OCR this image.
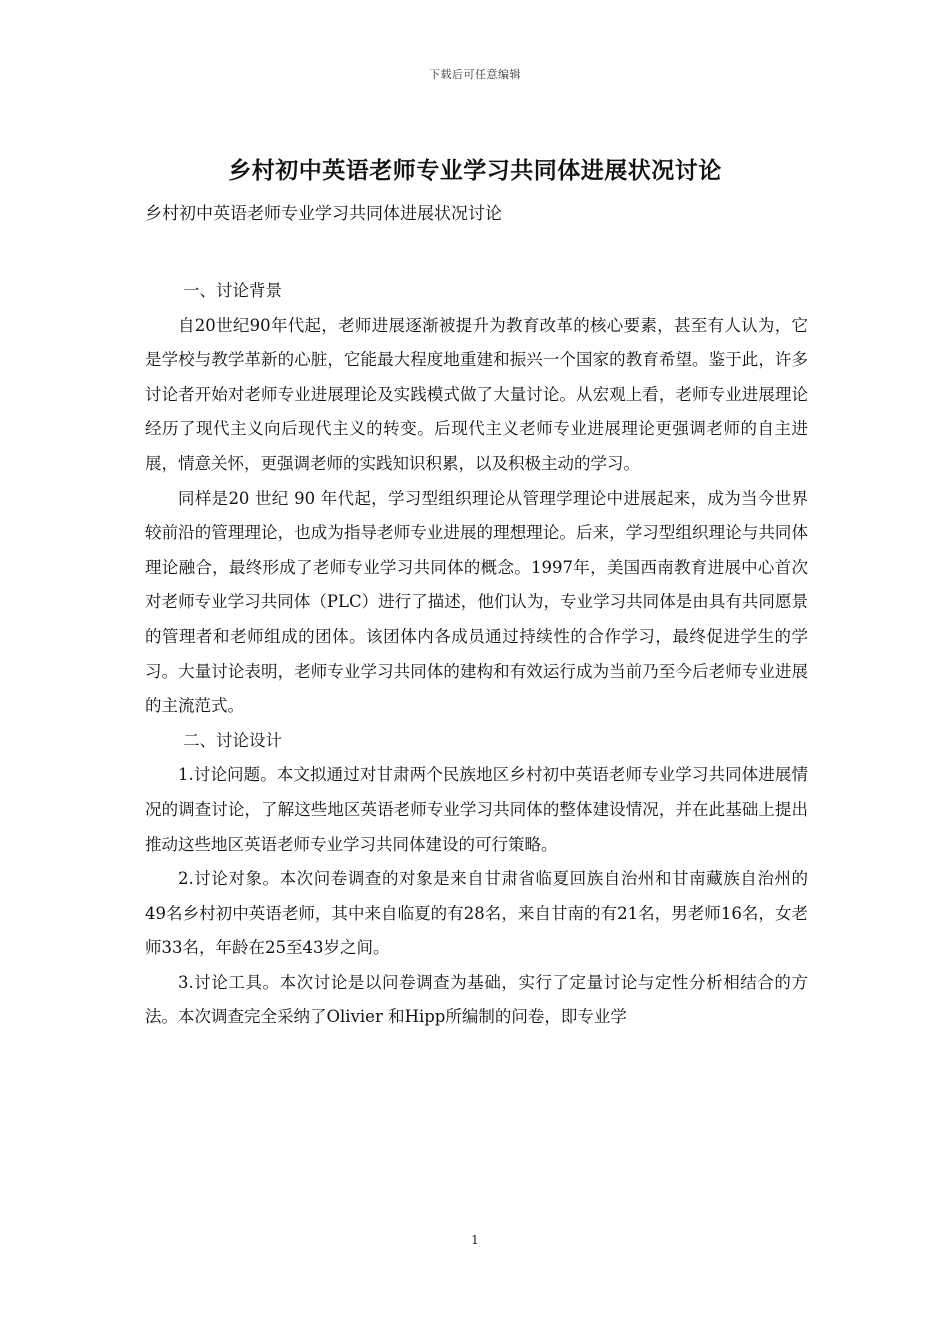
下载后可任意编辑
乡村初中英语老师专业学习共同体进展状况讨论
乡村初中英语老师专业学习共同体进展状况讨论

一、讨论背景

自20世纪90年代起，老师进展逐渐被提升为教育改革的核心要素，甚至有人认为，它是学校与教学革新的心脏，它能最大程度地重建和振兴一个国家的教育希望。鉴于此，许多讨论者开始对老师专业进展理论及实践模式做了大量讨论。从宏观上看，老师专业进展理论经历了现代主义向后现代主义的转变。后现代主义老师专业进展理论更强调老师的自主进展，情意关怀，更强调老师的实践知识积累，以及积极主动的学习。

同样是20 世纪 90 年代起，学习型组织理论从管理学理论中进展起来，成为当今世界较前沿的管理理论，也成为指导老师专业进展的理想理论。后来，学习型组织理论与共同体理论融合，最终形成了老师专业学习共同体的概念。1997年，美国西南教育进展中心首次对老师专业学习共同体（PLC）进行了描述，他们认为，专业学习共同体是由具有共同愿景的管理者和老师组成的团体。该团体内各成员通过持续性的合作学习，最终促进学生的学习。大量讨论表明，老师专业学习共同体的建构和有效运行成为当前乃至今后老师专业进展的主流范式。

二、讨论设计

1.讨论问题。本文拟通过对甘肃两个民族地区乡村初中英语老师专业学习共同体进展情况的调查讨论，了解这些地区英语老师专业学习共同体的整体建设情况，并在此基础上提出推动这些地区英语老师专业学习共同体建设的可行策略。

2.讨论对象。本次问卷调查的对象是来自甘肃省临夏回族自治州和甘南藏族自治州的49名乡村初中英语老师，其中来自临夏的有28名，来自甘南的有21名，男老师16名，女老师33名，年龄在25至43岁之间。

3.讨论工具。本次讨论是以问卷调查为基础，实行了定量讨论与定性分析相结合的方法。本次调查完全采纳了Olivier 和Hipp所编制的问卷，即专业学

1
